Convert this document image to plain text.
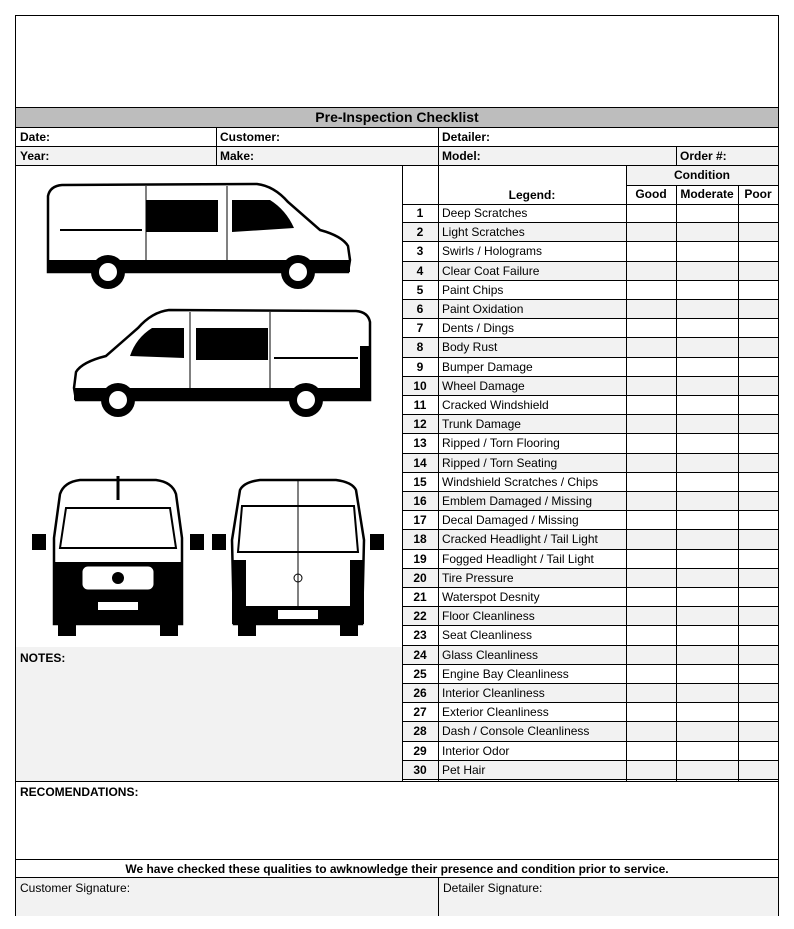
Pre-Inspection Checklist
Date:	Customer:	Detailer:
Year:	Make:	Model:	Order #:
Condition
Legend:	Good	Moderate Poor
1	Deep Scratches
2	Light Scratches
3	Swirls / Holograms
4	Clear Coat Failure
5	Paint Chips
6	Paint Oxidation
7	Dents / Dings
8	Body Rust
9	Bumper Damage
10	Wheel Damage
11	Cracked Windshield
12	Trunk Damage
13	Ripped / Torn Flooring
14	Ripped / Torn Seating
15	Windshield Scratches / Chips
16	Emblem Damaged / Missing
17	Decal Damaged / Missing
18	Cracked Headlight / Tail Light
19	Fogged Headlight / Tail Light
20	Tire Pressure
21	Waterspot Desnity
22	Floor Cleanliness
23	Seat Cleanliness
24	Glass Cleanliness
25	Engine Bay Cleanliness
26	Interior Cleanliness
27	Exterior Cleanliness
28	Dash / Console Cleanliness
29	Interior Odor
30	Pet Hair
NOTES:
RECOMENDATIONS:
We have checked these qualities to awknowledge their presence and condition prior to service.
Customer Signature:	Detailer Signature:
